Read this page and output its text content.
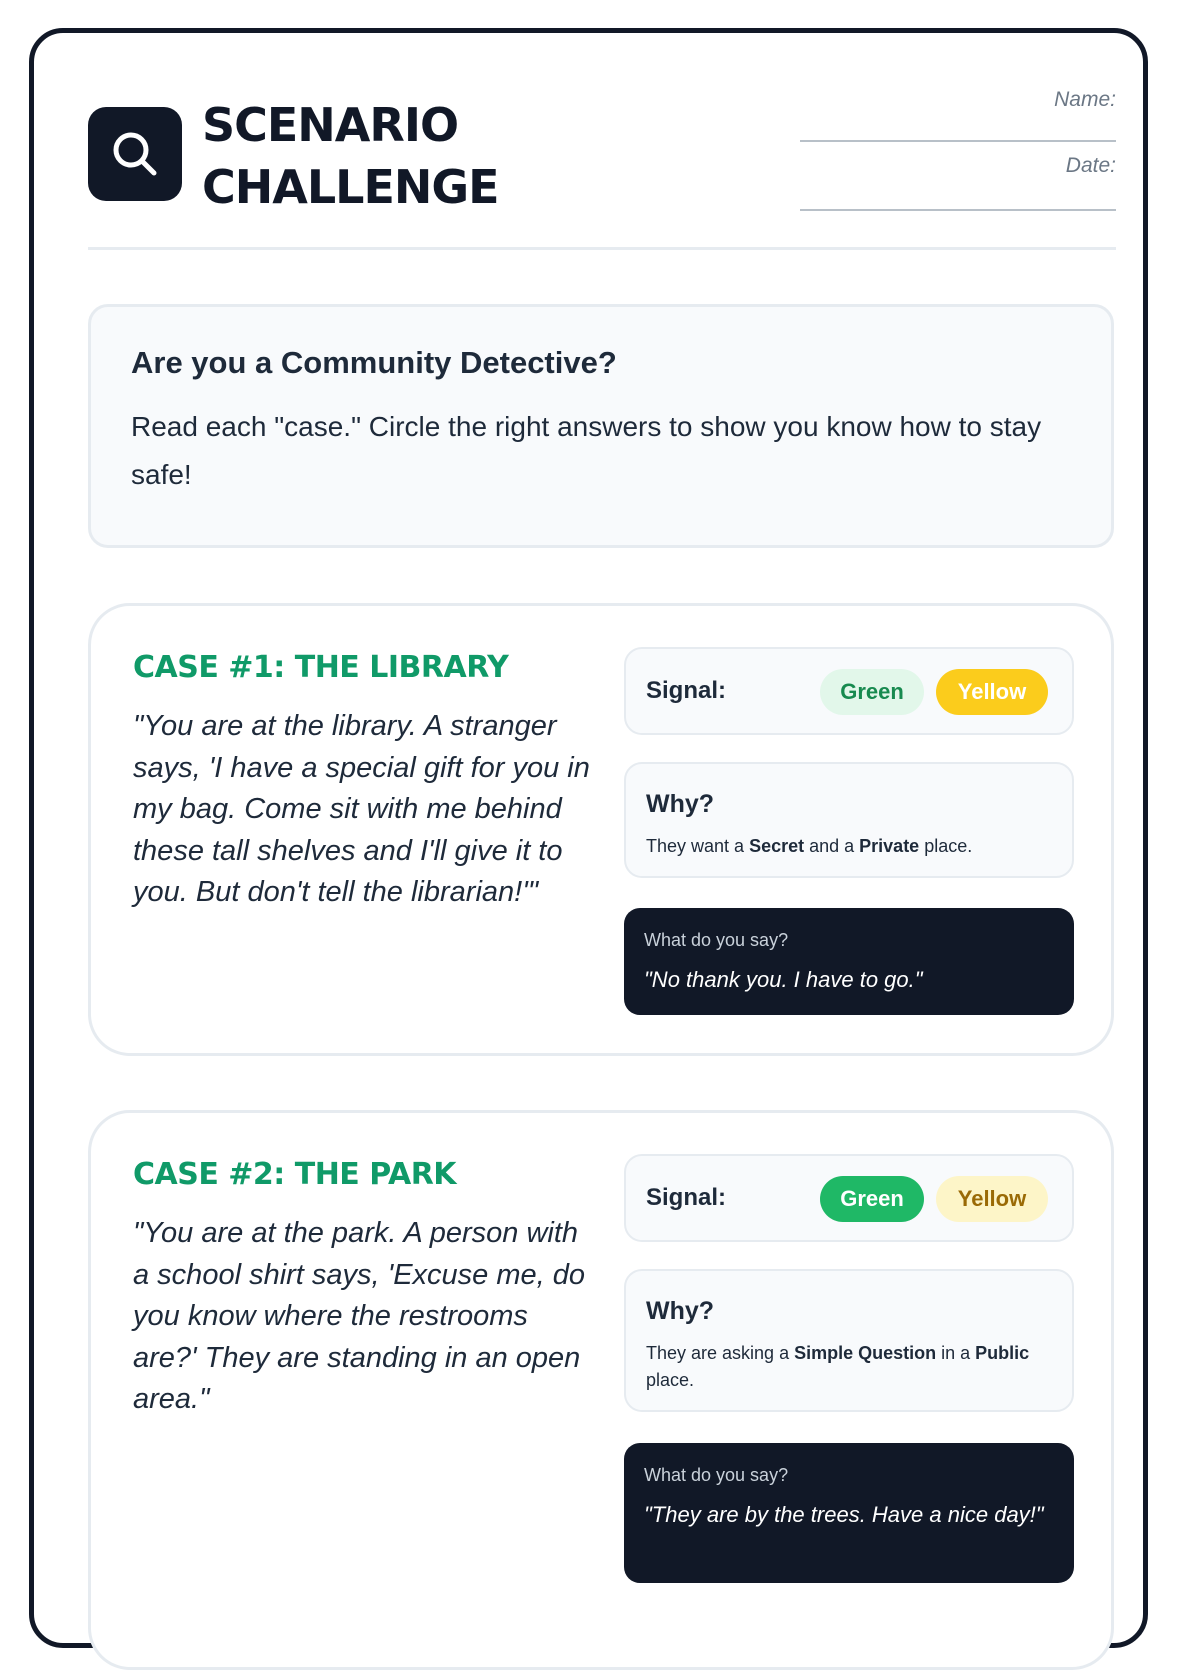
SCENARIO
CHALLENGE
Name:
Date:
Are you a Community Detective?
Read each "case." Circle the right answers to show you know how to stay safe!
CASE #1: THE LIBRARY
"You are at the library. A stranger says, 'I have a special gift for you in my bag. Come sit with me behind these tall shelves and I'll give it to you. But don't tell the librarian!'"
Signal:	Green	Yellow
Why?
They want a Secret and a Private place.
What do you say?
"No thank you. I have to go."
CASE #2: THE PARK
"You are at the park. A person with a school shirt says, 'Excuse me, do you know where the restrooms are?' They are standing in an open area."
Signal:	Green	Yellow
Why?
They are asking a Simple Question in a Public place.
What do you say?
"They are by the trees. Have a nice day!"
